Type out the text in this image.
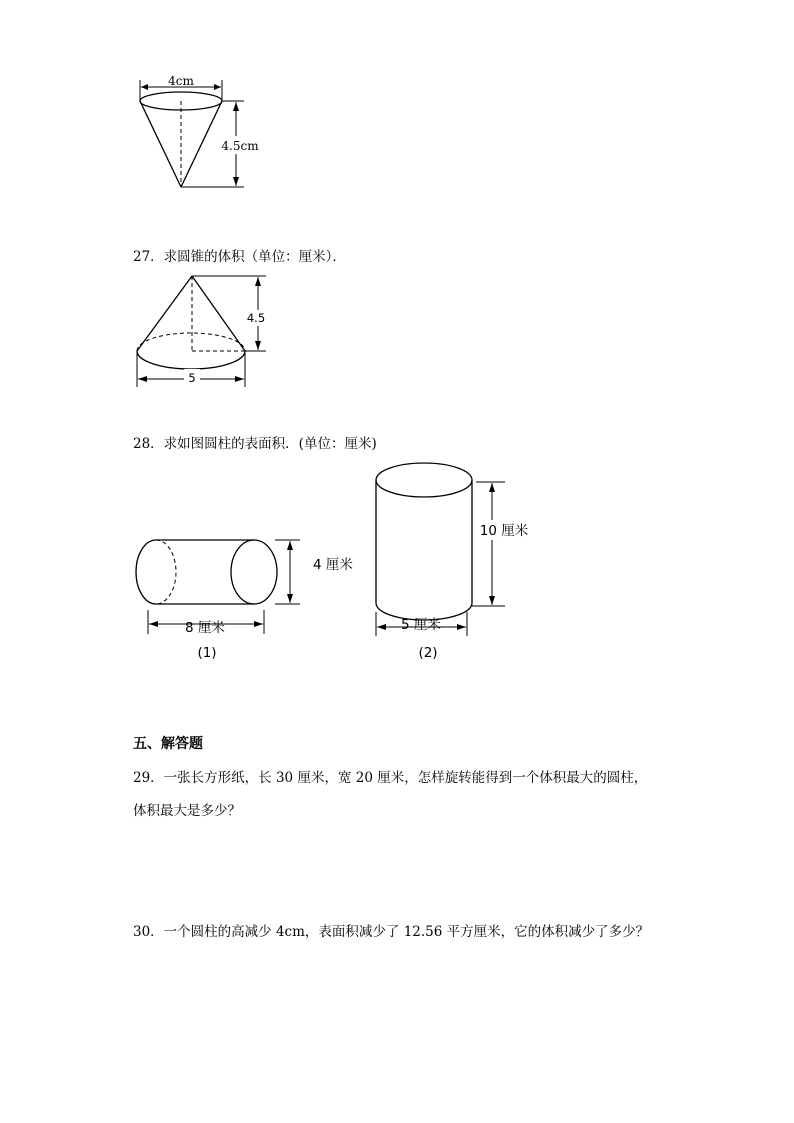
4cm
4.5cm
27．求圆锥的体积（单位：厘米）．
4.5
5
28．求如图圆柱的表面积．(单位：厘米)
4 厘米
8 厘米
(1)
10 厘米
5 厘米
(2)
五、解答题
29．一张长方形纸，长 30 厘米，宽 20 厘米，怎样旋转能得到一个体积最大的圆柱，
体积最大是多少？
30．一个圆柱的高减少 4cm，表面积减少了 12.56 平方厘米，它的体积减少了多少？
